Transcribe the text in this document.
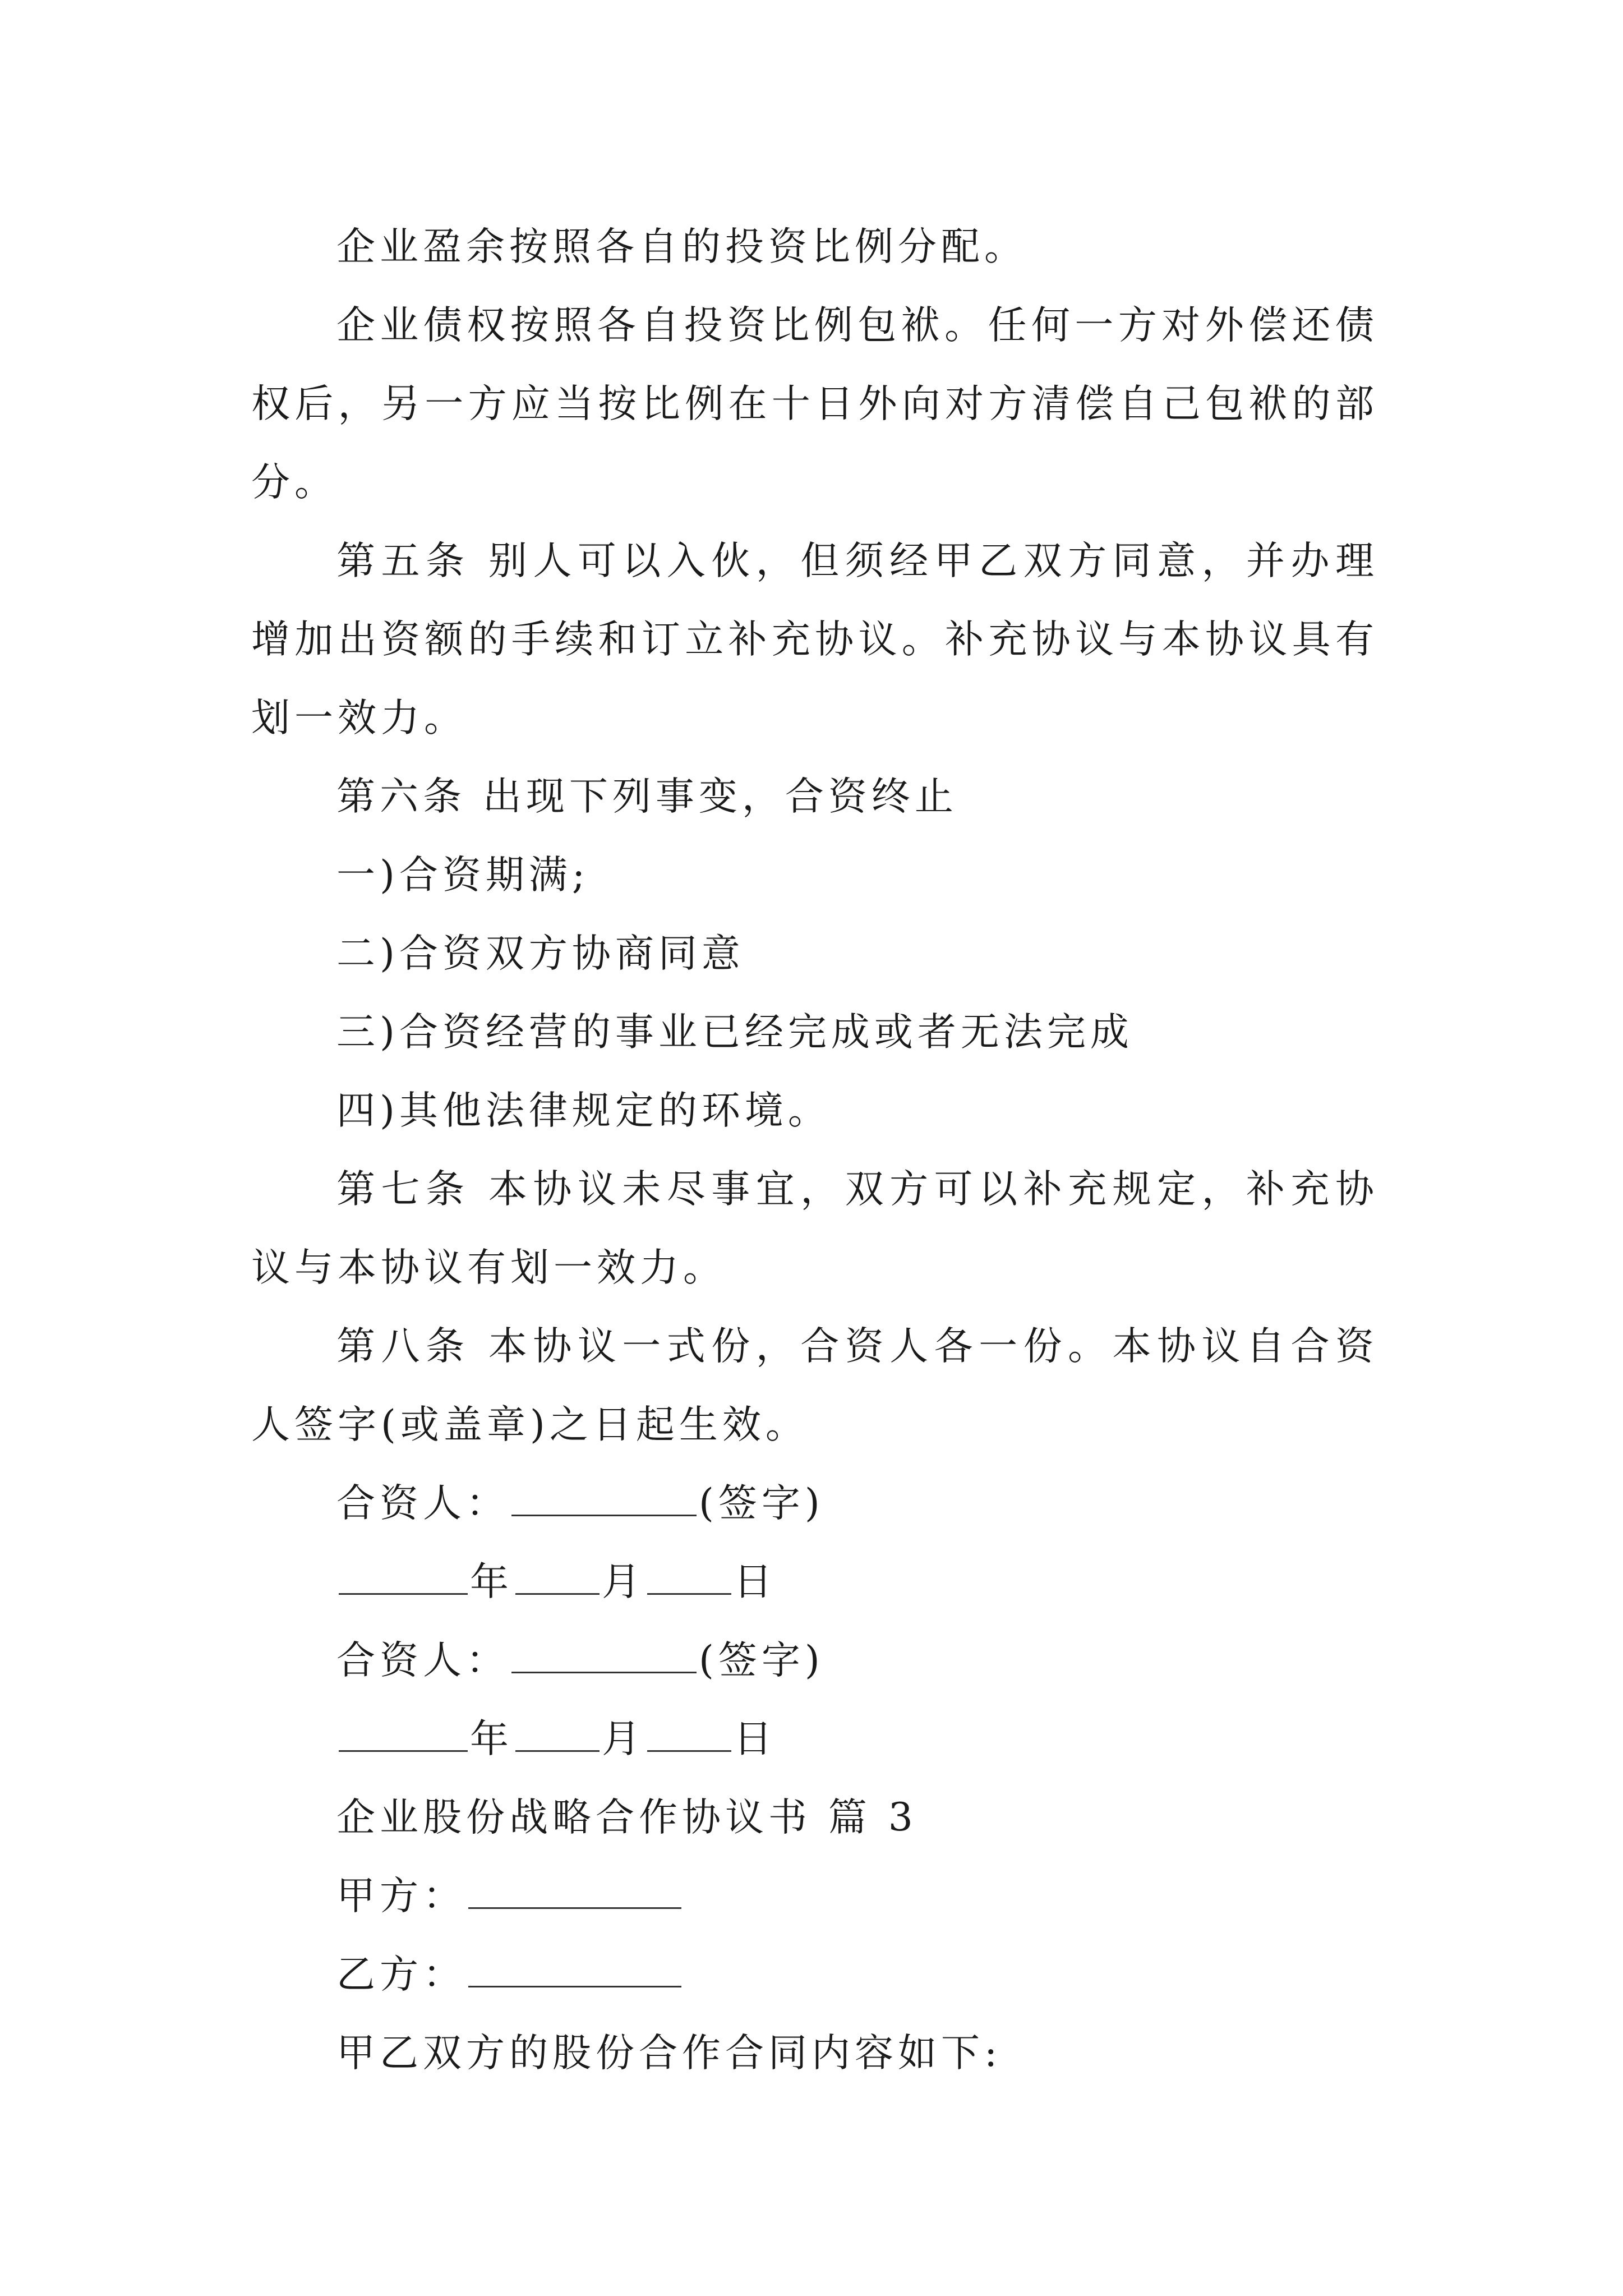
企业盈余按照各自的投资比例分配。

企业债权按照各自投资比例包袱。任何一方对外偿还债权后，另一方应当按比例在十日外向对方清偿自己包袱的部分。

第五条 别人可以入伙，但须经甲乙双方同意，并办理增加出资额的手续和订立补充协议。补充协议与本协议具有划一效力。

第六条 出现下列事变，合资终止

一)合资期满;

二)合资双方协商同意

三)合资经营的事业已经完成或者无法完成

四)其他法律规定的环境。

第七条 本协议未尽事宜，双方可以补充规定，补充协议与本协议有划一效力。

第八条 本协议一式份，合资人各一份。本协议自合资人签字(或盖章)之日起生效。

合资人：	(签字)

年 月 日

合资人：	(签字)

年 月 日

企业股份战略合作协议书 篇 3

甲方：

乙方：

甲乙双方的股份合作合同内容如下:
